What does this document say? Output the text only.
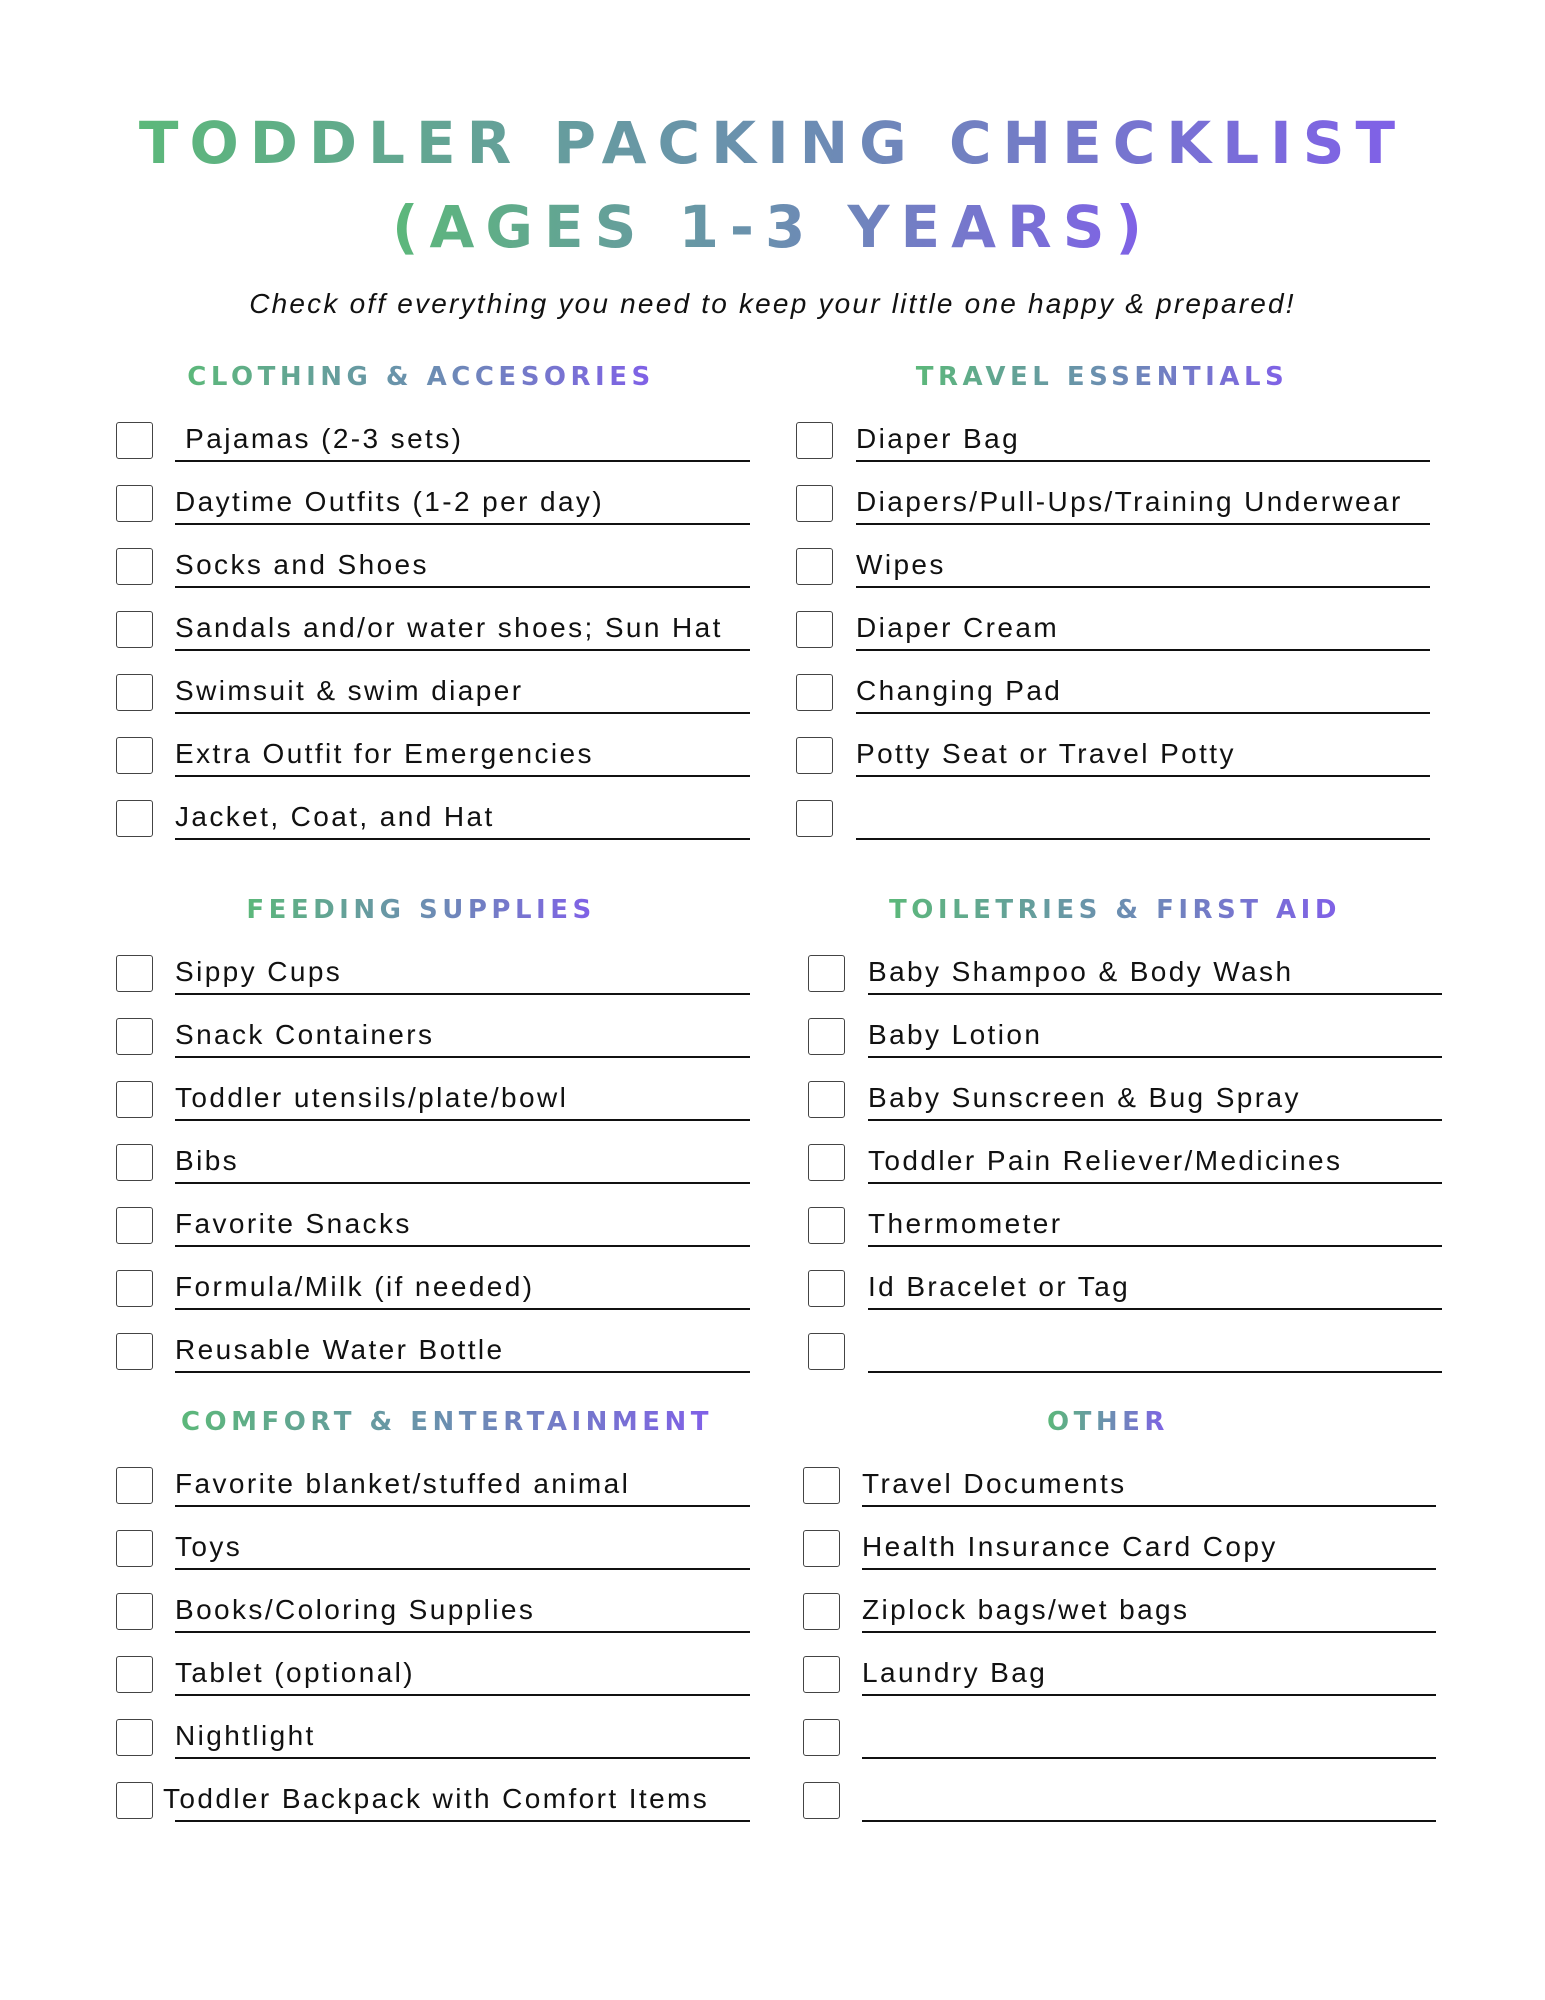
TODDLER PACKING CHECKLIST
(AGES 1-3 YEARS)
Check off everything you need to keep your little one happy & prepared!
CLOTHING & ACCESORIES
Pajamas (2-3 sets)
Daytime Outfits (1-2 per day)
Socks and Shoes
Sandals and/or water shoes; Sun Hat
Swimsuit & swim diaper
Extra Outfit for Emergencies
Jacket, Coat, and Hat
TRAVEL ESSENTIALS
Diaper Bag
Diapers/Pull-Ups/Training Underwear
Wipes
Diaper Cream
Changing Pad
Potty Seat or Travel Potty
FEEDING SUPPLIES
Sippy Cups
Snack Containers
Toddler utensils/plate/bowl
Bibs
Favorite Snacks
Formula/Milk (if needed)
Reusable Water Bottle
TOILETRIES & FIRST AID
Baby Shampoo & Body Wash
Baby Lotion
Baby Sunscreen & Bug Spray
Toddler Pain Reliever/Medicines
Thermometer
Id Bracelet or Tag
COMFORT & ENTERTAINMENT
Favorite blanket/stuffed animal
Toys
Books/Coloring Supplies
Tablet (optional)
Nightlight
Toddler Backpack with Comfort Items
OTHER
Travel Documents
Health Insurance Card Copy
Ziplock bags/wet bags
Laundry Bag
